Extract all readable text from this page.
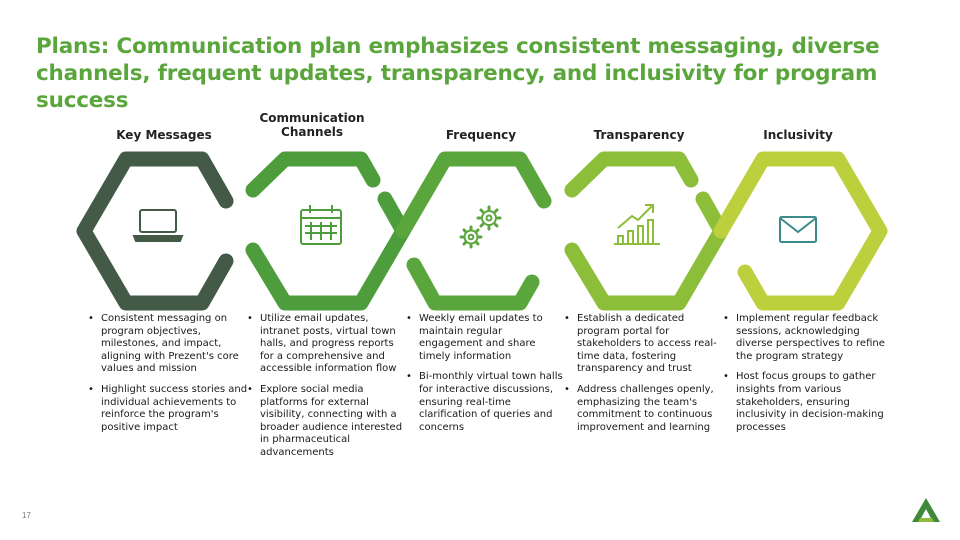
Plans: Communication plan emphasizes consistent messaging, diverse channels, frequent updates, transparency, and inclusivity for program success
Key Messages
Communication Channels	Frequency	Transparency	Inclusivity
• Consistent messaging on program objectives, milestones, and impact, aligning with Prezent's core values and mission
• Highlight success stories and individual achievements to reinforce the program's positive impact
• Utilize email updates, intranet posts, virtual town halls, and progress reports for a comprehensive and accessible information flow
• Explore social media platforms for external visibility, connecting with a broader audience interested in pharmaceutical advancements
• Weekly email updates to maintain regular engagement and share timely information
• Bi-monthly virtual town halls for interactive discussions, ensuring real-time clarification of queries and concerns
• Establish a dedicated program portal for stakeholders to access real-time data, fostering transparency and trust
• Address challenges openly, emphasizing the team's commitment to continuous improvement and learning
• Implement regular feedback sessions, acknowledging diverse perspectives to refine the program strategy
• Host focus groups to gather insights from various stakeholders, ensuring inclusivity in decision-making processes
17
